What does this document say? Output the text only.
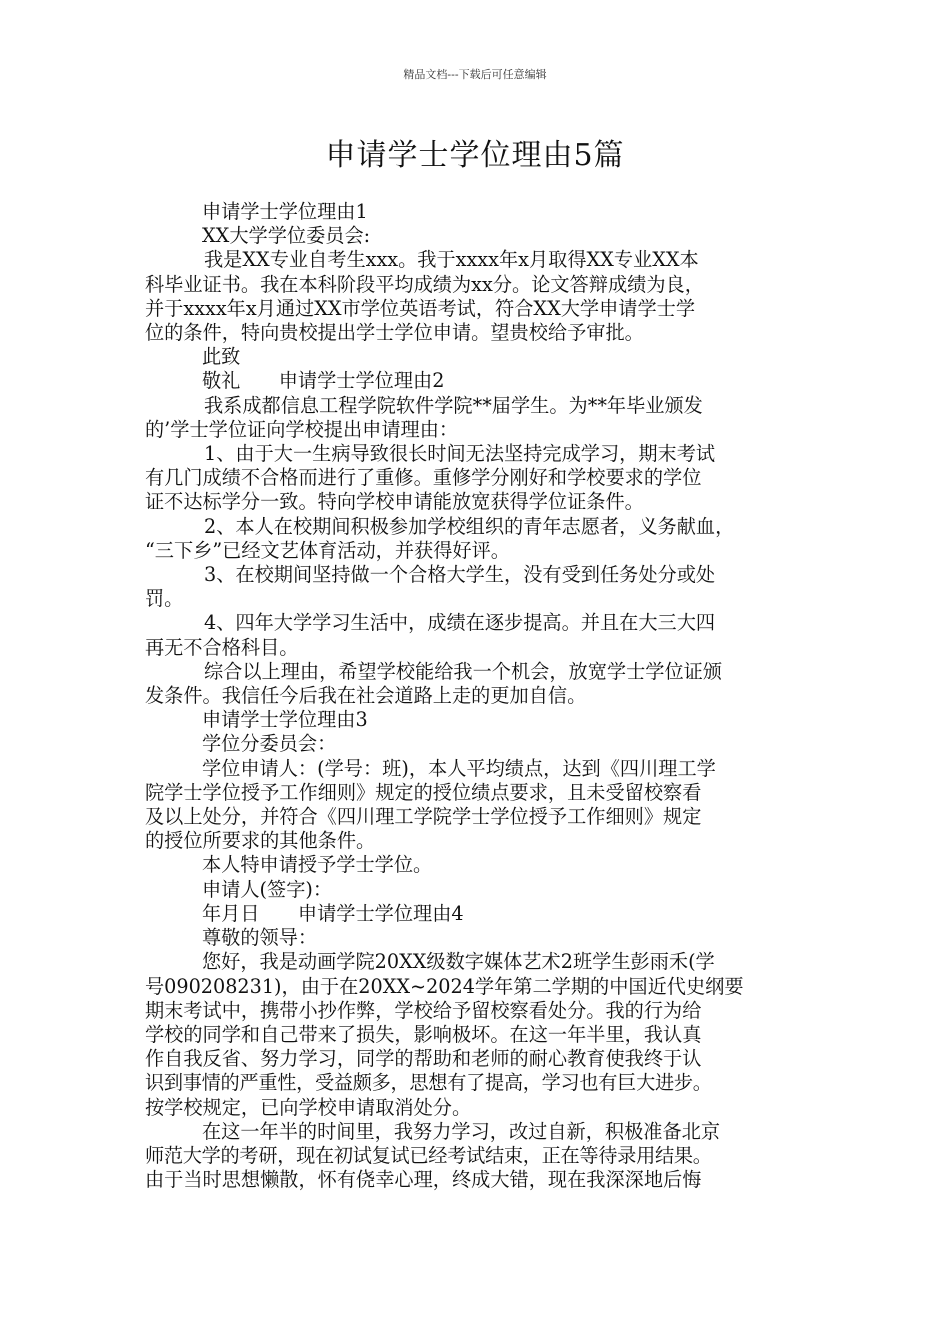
精品文档---下载后可任意编辑
申请学士学位理由5篇

申请学士学位理由1

XX大学学位委员会:

我是XX专业自考生xxx。我于xxxx年x月取得XX专业XX本

科毕业证书。我在本科阶段平均成绩为xx分。论文答辩成绩为良，

并于xxxx年x月通过XX市学位英语考试，符合XX大学申请学士学

位的条件，特向贵校提出学士学位申请。望贵校给予审批。

此致

敬礼　　申请学士学位理由2

我系成都信息工程学院软件学院**届学生。为**年毕业颁发

的’学士学位证向学校提出申请理由：

1、由于大一生病导致很长时间无法坚持完成学习，期末考试

有几门成绩不合格而进行了重修。重修学分刚好和学校要求的学位

证不达标学分一致。特向学校申请能放宽获得学位证条件。

2、本人在校期间积极参加学校组织的青年志愿者，义务献血，

“三下乡”已经文艺体育活动，并获得好评。

3、在校期间坚持做一个合格大学生，没有受到任务处分或处

罚。

4、四年大学学习生活中，成绩在逐步提高。并且在大三大四

再无不合格科目。

综合以上理由，希望学校能给我一个机会，放宽学士学位证颁

发条件。我信任今后我在社会道路上走的更加自信。

申请学士学位理由3

学位分委员会：

学位申请人：(学号：班)，本人平均绩点，达到《四川理工学

院学士学位授予工作细则》规定的授位绩点要求，且未受留校察看

及以上处分，并符合《四川理工学院学士学位授予工作细则》规定

的授位所要求的其他条件。

本人特申请授予学士学位。

申请人(签字)：

年月日　　申请学士学位理由4

尊敬的领导：

您好，我是动画学院20XX级数字媒体艺术2班学生彭雨禾(学

号090208231)，由于在20XX~2024学年第二学期的中国近代史纲要

期末考试中，携带小抄作弊，学校给予留校察看处分。我的行为给

学校的同学和自己带来了损失，影响极坏。在这一年半里，我认真

作自我反省、努力学习，同学的帮助和老师的耐心教育使我终于认

识到事情的严重性，受益颇多，思想有了提高，学习也有巨大进步。

按学校规定，已向学校申请取消处分。

在这一年半的时间里，我努力学习，改过自新，积极准备北京

师范大学的考研，现在初试复试已经考试结束，正在等待录用结果。

由于当时思想懒散，怀有侥幸心理，终成大错，现在我深深地后悔
